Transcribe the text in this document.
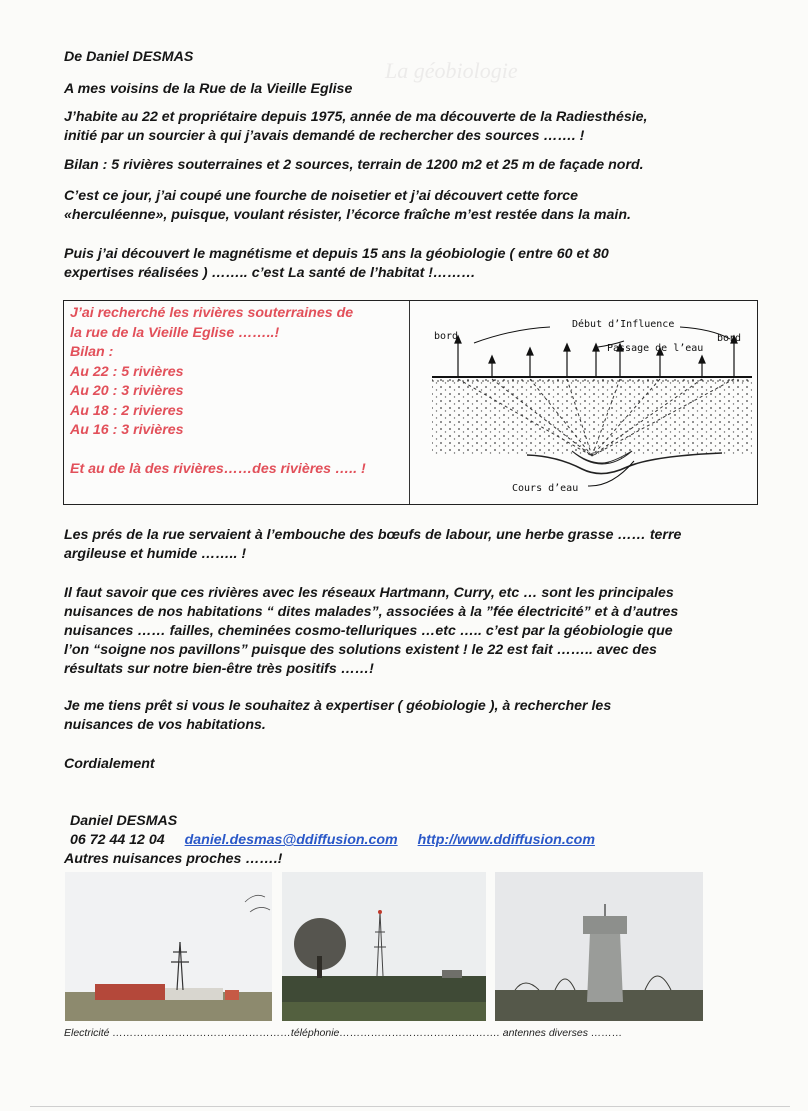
La géobiologie
De Daniel DESMAS
A mes voisins de la Rue de la Vieille Eglise
J’habite au 22 et propriétaire depuis 1975, année de ma découverte de la Radiesthésie,
initié par un sourcier à qui j’avais demandé de rechercher des sources ……. !
Bilan : 5 rivières souterraines et 2 sources, terrain de 1200 m2 et 25 m de façade nord.
C’est ce jour, j’ai coupé une fourche de noisetier et j’ai découvert cette force
«herculéenne», puisque, voulant résister, l’écorce fraîche m’est restée dans la main.
Puis j’ai découvert le magnétisme et depuis 15 ans la géobiologie ( entre 60 et 80
expertises réalisées ) …….. c’est La santé de l’habitat !………
J’ai recherché les rivières souterraines de
la rue de la Vieille Eglise ……..!
Bilan :
Au 22 : 5 rivières
Au 20 : 3 rivières
Au 18 : 2 rivieres
Au 16 : 3 rivières
Et au de là des rivières……des rivières ….. !
bord	bord
Début d’Influence
Passage de l’eau
Cours d’eau
Les prés de la rue servaient à l’embouche des bœufs de labour, une herbe grasse …… terre
argileuse et humide …….. !
Il faut savoir que ces rivières avec les réseaux Hartmann, Curry, etc … sont les principales
nuisances de nos habitations “ dites malades”, associées à la ”fée électricité” et à d’autres
nuisances …… failles, cheminées cosmo-telluriques …etc ….. c’est par la géobiologie que
l’on “soigne nos pavillons” puisque des solutions existent ! le 22 est fait …….. avec des
résultats sur notre bien-être très positifs ……!
Je me tiens prêt si vous le souhaitez à expertiser ( géobiologie ), à rechercher les
nuisances de vos habitations.
Cordialement
Daniel DESMAS
06 72 44 12 04 daniel.desmas@ddiffusion.com http://www.ddiffusion.com
Autres nuisances proches …….!
Electricité ……………………………………………téléphonie………………………………………. antennes diverses ………
